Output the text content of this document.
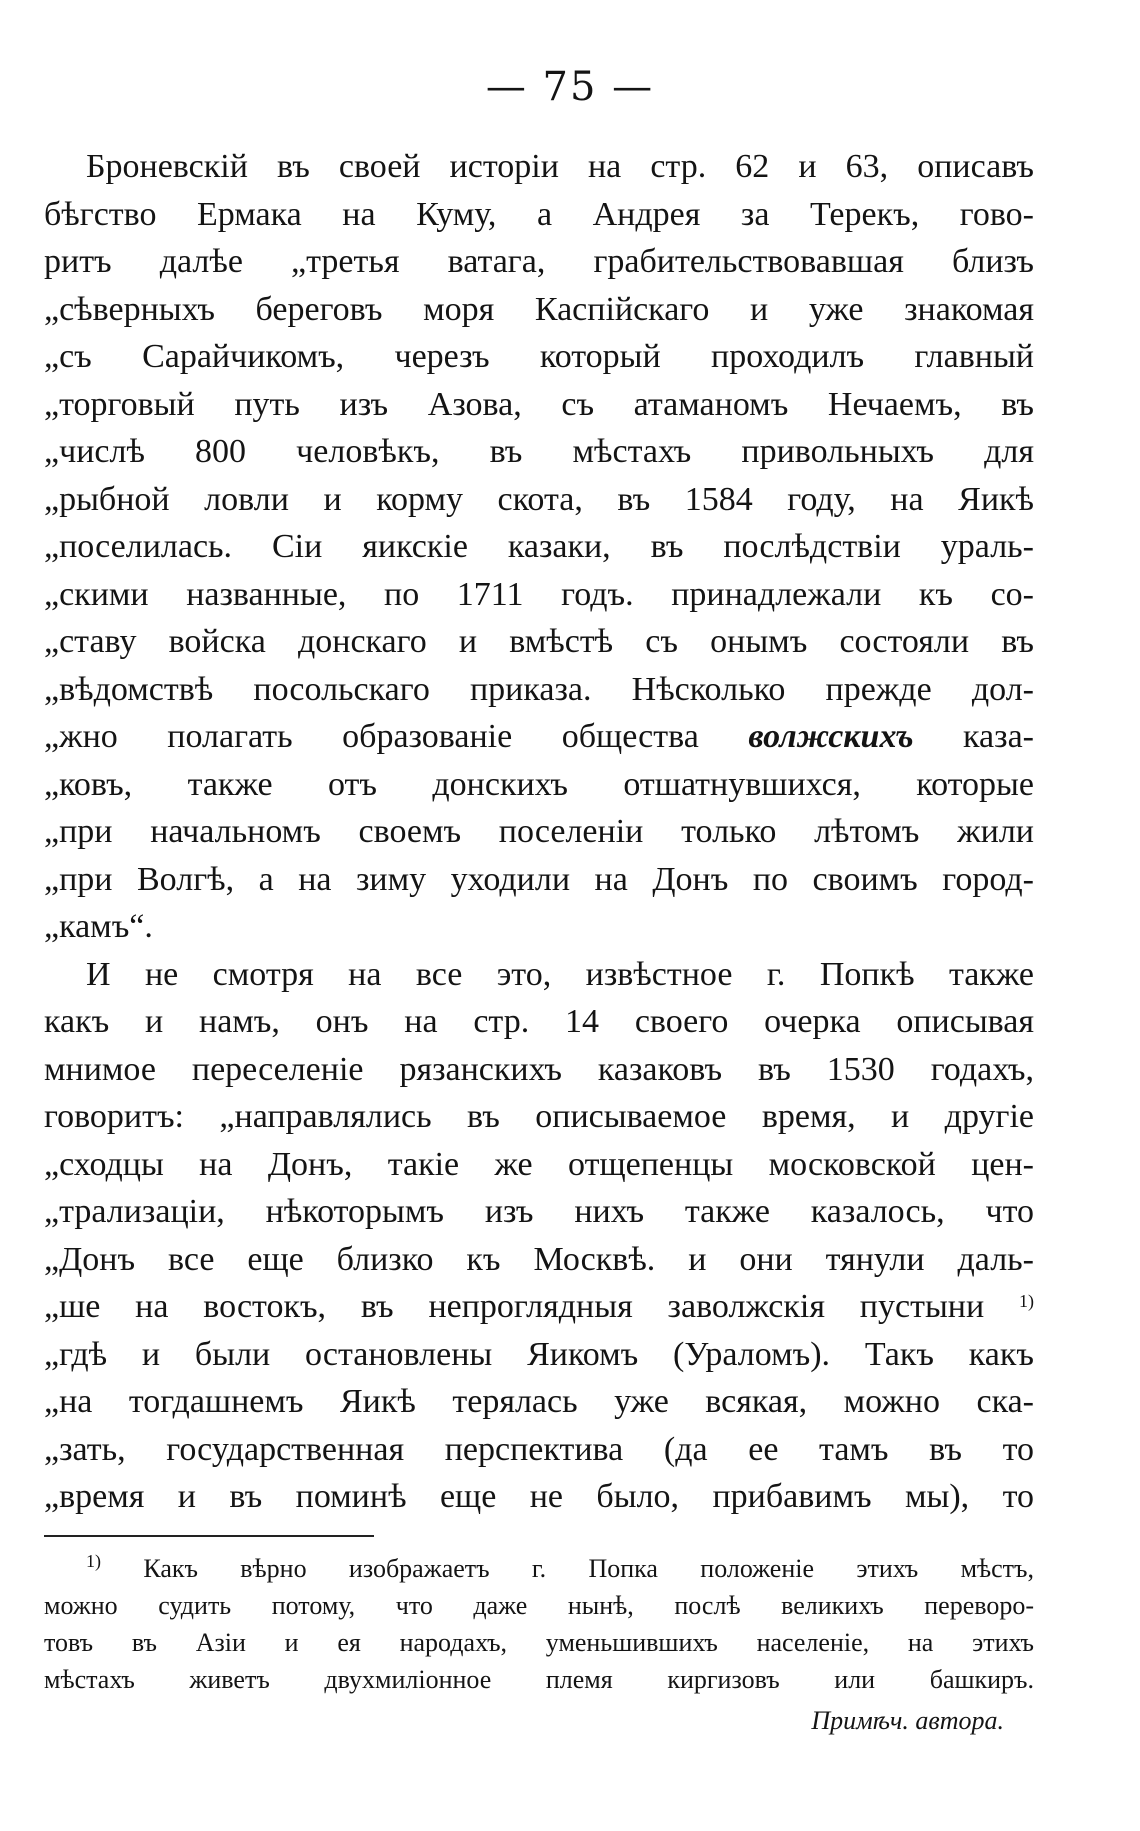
— 75 —
Броневскій въ своей исторіи на стр. 62 и 63, описавъ
бѣгство Ермака на Куму, а Андрея за Терекъ, гово-
ритъ далѣе „третья ватага, грабительствовавшая близъ
„сѣверныхъ береговъ моря Каспійскаго и уже знакомая
„съ Сарайчикомъ, черезъ который проходилъ главный
„торговый путь изъ Азова, съ атаманомъ Нечаемъ, въ
„числѣ 800 человѣкъ, въ мѣстахъ привольныхъ для
„рыбной ловли и корму скота, въ 1584 году, на Яикѣ
„поселилась. Сіи яикскіе казаки, въ послѣдствіи ураль-
„скими названные, по 1711 годъ. принадлежали къ со-
„ставу войска донскаго и вмѣстѣ съ онымъ состояли въ
„вѣдомствѣ посольскаго приказа. Нѣсколько прежде дол-
„жно полагать образованіе общества волжскихъ каза-
„ковъ, также отъ донскихъ отшатнувшихся, которые
„при начальномъ своемъ поселеніи только лѣтомъ жили
„при Волгѣ, а на зиму уходили на Донъ по своимъ город-
„камъ“.
И не смотря на все это, извѣстное г. Попкѣ также
какъ и намъ, онъ на стр. 14 своего очерка описывая
мнимое переселеніе рязанскихъ казаковъ въ 1530 годахъ,
говоритъ: „направлялись въ описываемое время, и другіе
„сходцы на Донъ, такіе же отщепенцы московской цен-
„трализаціи, нѣкоторымъ изъ нихъ также казалось, что
„Донъ все еще близко къ Москвѣ. и они тянули даль-
„ше на востокъ, въ непроглядныя заволжскія пустыни $^{1)}$
„гдѣ и были остановлены Яикомъ (Ураломъ). Такъ какъ
„на тогдашнемъ Яикѣ терялась уже всякая, можно ска-
„зать, государственная перспектива (да ее тамъ въ то
„время и въ поминѣ еще не было, прибавимъ мы), то
$^{1)}$ Какъ вѣрно изображаетъ г. Попка положеніе этихъ мѣстъ,
можно судить потому, что даже нынѣ, послѣ великихъ переворо-
товъ въ Азіи и ея народахъ, уменьшившихъ населеніе, на этихъ
мѣстахъ живетъ двухмиліонное племя киргизовъ или башкиръ.
Примѣч. автора.
